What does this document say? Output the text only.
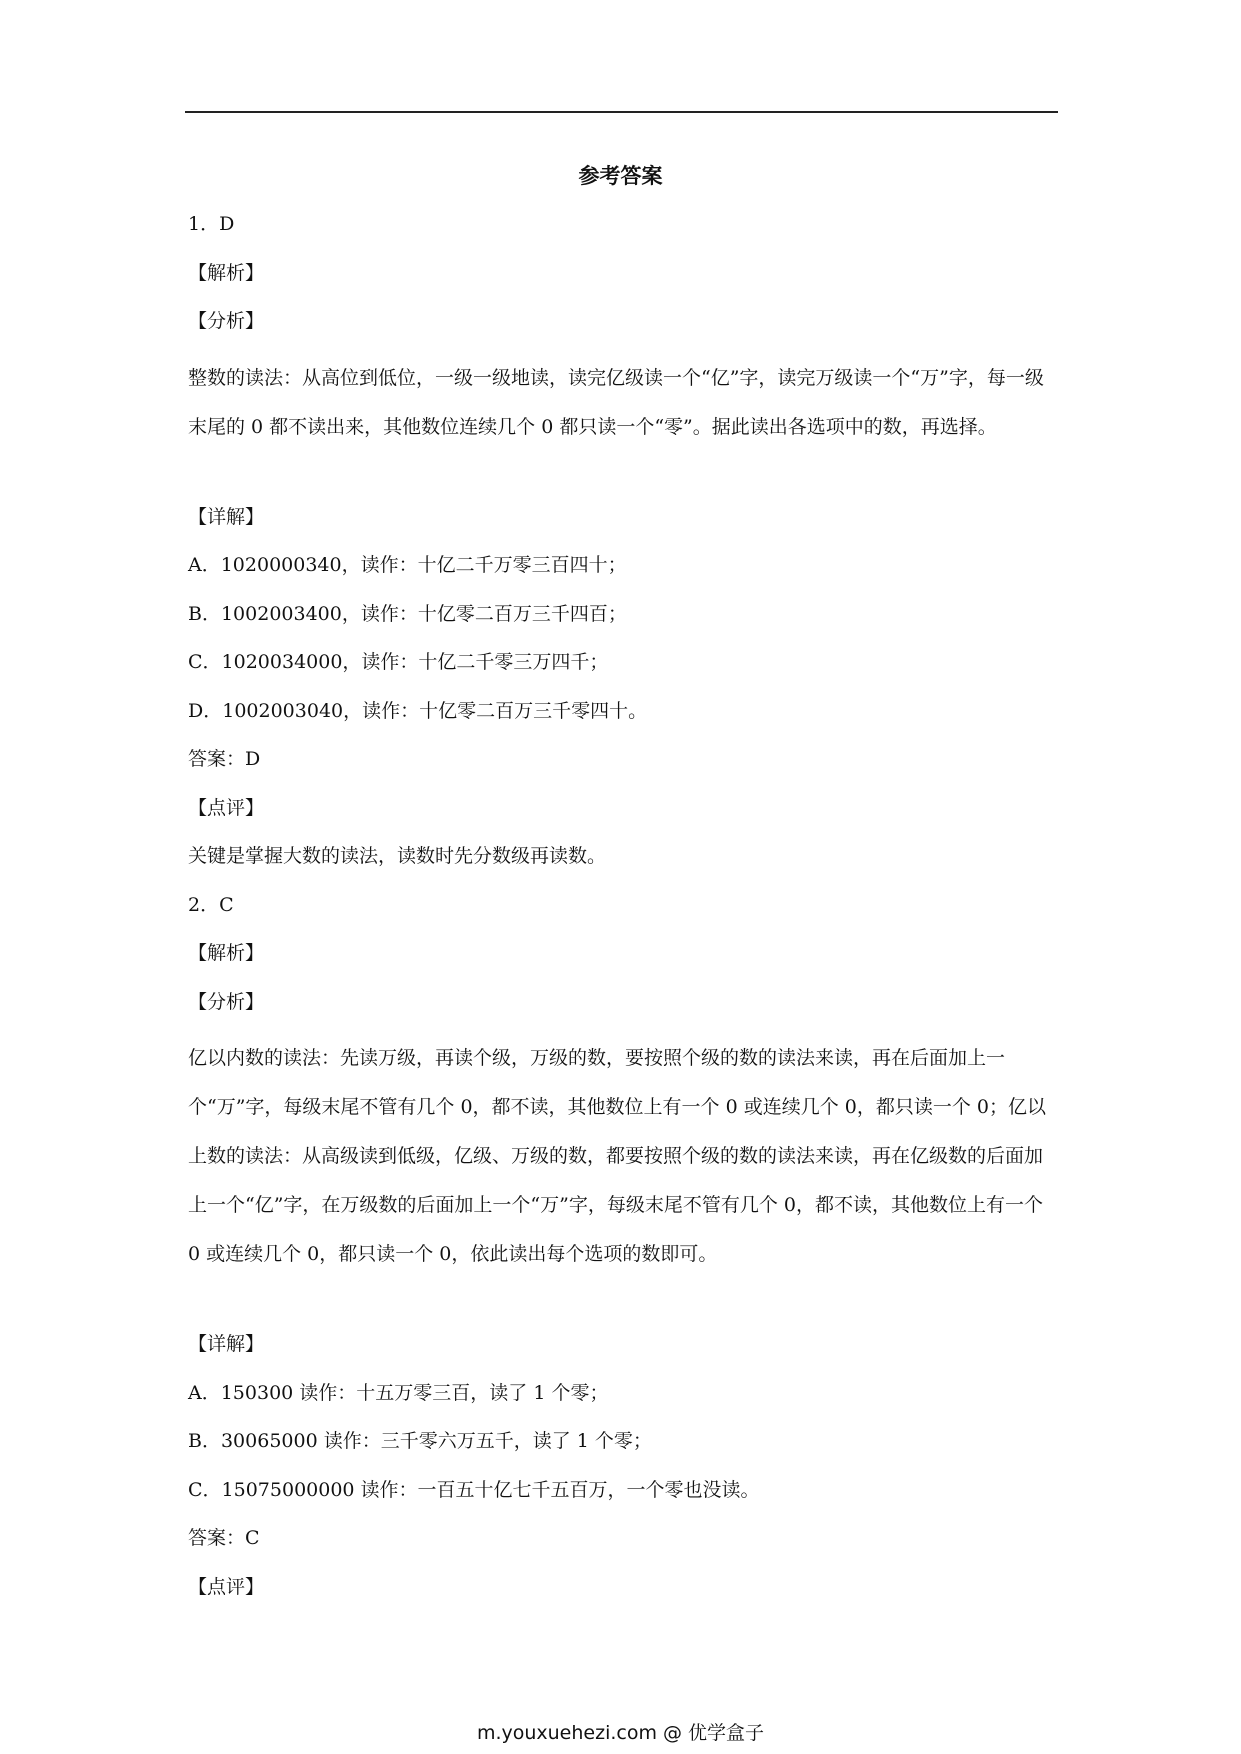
参考答案
1．D
【解析】
【分析】
整数的读法：从高位到低位，一级一级地读，读完亿级读一个“亿”字，读完万级读一个“万”字，每一级末尾的 0 都不读出来，其他数位连续几个 0 都只读一个“零”。据此读出各选项中的数，再选择。
【详解】
A．1020000340，读作：十亿二千万零三百四十；
B．1002003400，读作：十亿零二百万三千四百；
C．1020034000，读作：十亿二千零三万四千；
D．1002003040，读作：十亿零二百万三千零四十。
答案：D
【点评】
关键是掌握大数的读法，读数时先分数级再读数。
2．C
【解析】
【分析】
亿以内数的读法：先读万级，再读个级，万级的数，要按照个级的数的读法来读，再在后面加上一个“万”字，每级末尾不管有几个 0，都不读，其他数位上有一个 0 或连续几个 0，都只读一个 0；亿以上数的读法：从高级读到低级，亿级、万级的数，都要按照个级的数的读法来读，再在亿级数的后面加上一个“亿”字，在万级数的后面加上一个“万”字，每级末尾不管有几个 0，都不读，其他数位上有一个 0 或连续几个 0，都只读一个 0，依此读出每个选项的数即可。
【详解】
A．150300 读作：十五万零三百，读了 1 个零；
B．30065000 读作：三千零六万五千，读了 1 个零；
C．15075000000 读作：一百五十亿七千五百万，一个零也没读。
答案：C
【点评】
m.youxuehezi.com @ 优学盒子
